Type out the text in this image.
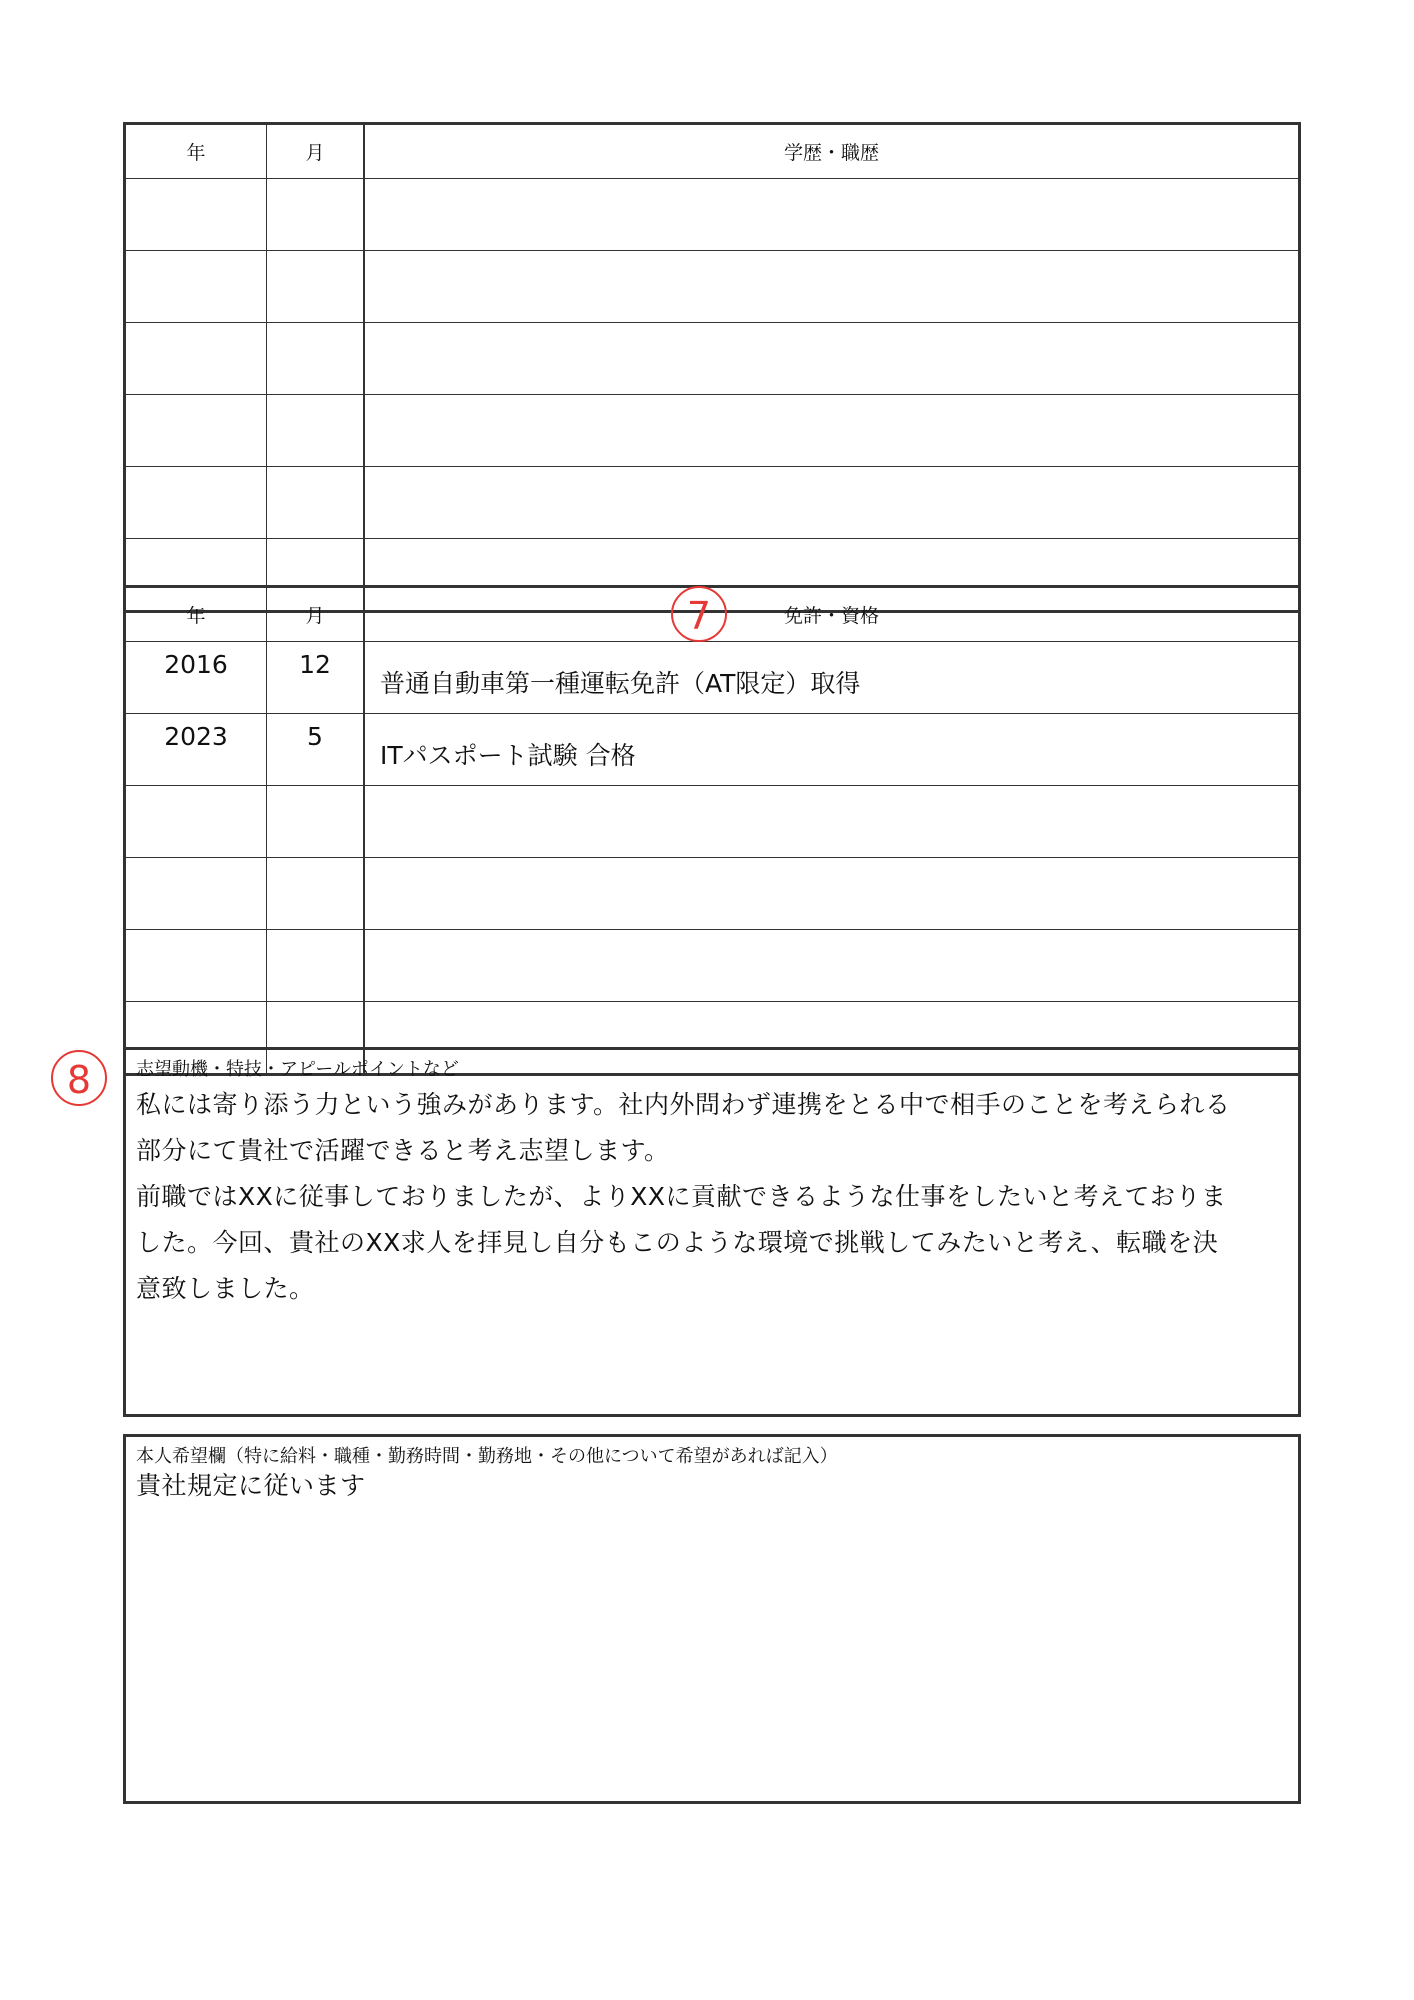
年	月	学歴・職歴

年	月	免許・資格
2016	12	普通自動車第一種運転免許（AT限定）取得
2023	5	ITパスポート試験 合格

7
8	志望動機・特技・アピールポイントなど
私には寄り添う力という強みがあります。社内外問わず連携をとる中で相手のことを考えられる
部分にて貴社で活躍できると考え志望します。
前職ではXXに従事しておりましたが、よりXXに貢献できるような仕事をしたいと考えておりま
した。今回、貴社のXX求人を拝見し自分もこのような環境で挑戦してみたいと考え、転職を決
意致しました。
本人希望欄（特に給料・職種・勤務時間・勤務地・その他について希望があれば記入）
貴社規定に従います
